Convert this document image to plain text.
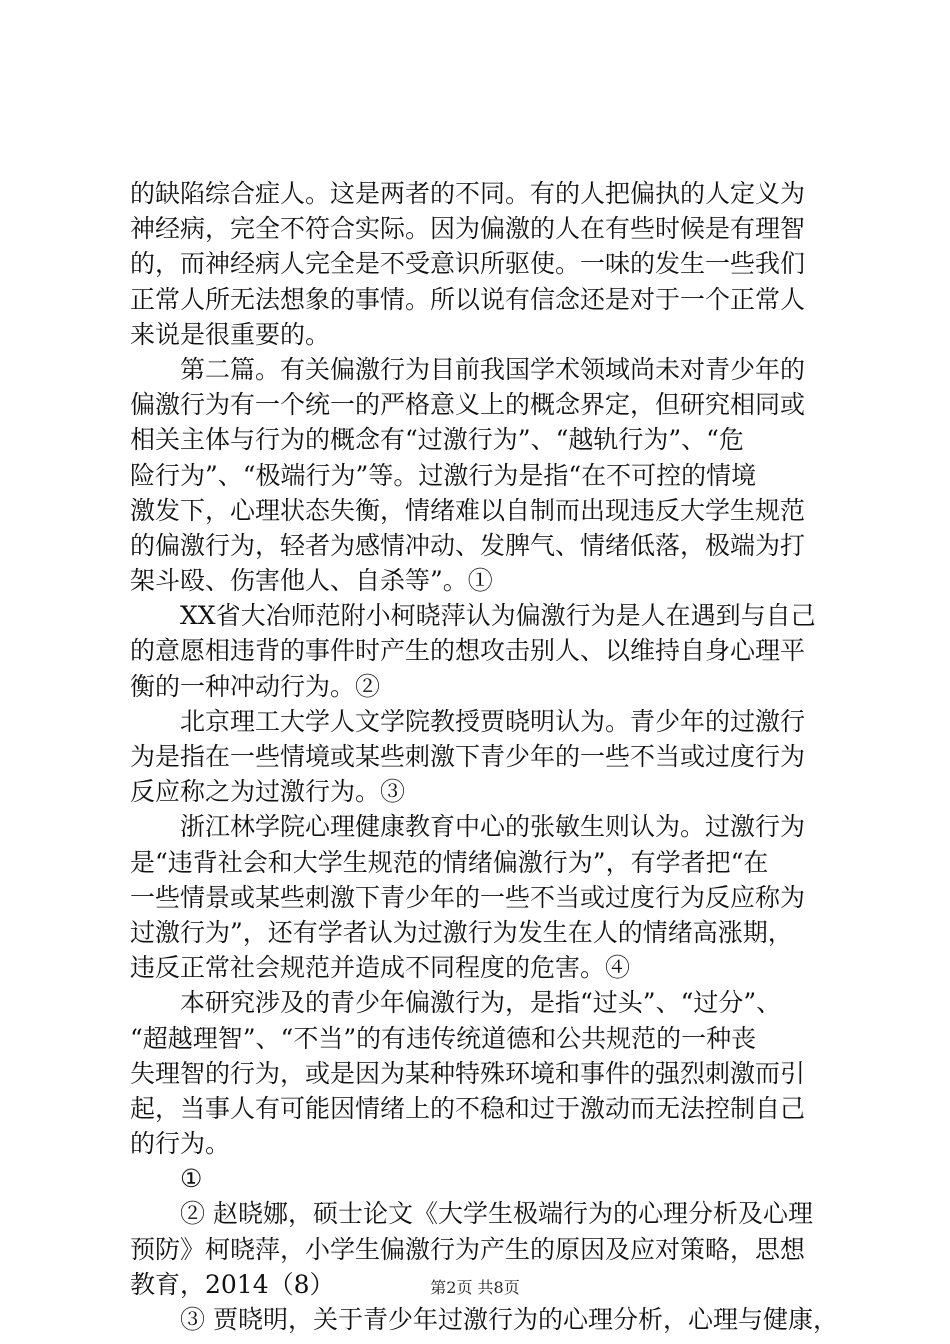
的缺陷综合症人。这是两者的不同。有的人把偏执的人定义为
神经病，完全不符合实际。因为偏激的人在有些时候是有理智
的，而神经病人完全是不受意识所驱使。一味的发生一些我们
正常人所无法想象的事情。所以说有信念还是对于一个正常人
来说是很重要的。
第二篇。有关偏激行为目前我国学术领域尚未对青少年的
偏激行为有一个统一的严格意义上的概念界定，但研究相同或
相关主体与行为的概念有“过激行为”、“越轨行为”、“危
险行为”、“极端行为”等。过激行为是指“在不可控的情境
激发下，心理状态失衡，情绪难以自制而出现违反大学生规范
的偏激行为，轻者为感情冲动、发脾气、情绪低落，极端为打
架斗殴、伤害他人、自杀等”。①
XX省大冶师范附小柯晓萍认为偏激行为是人在遇到与自己
的意愿相违背的事件时产生的想攻击别人、以维持自身心理平
衡的一种冲动行为。②
北京理工大学人文学院教授贾晓明认为。青少年的过激行
为是指在一些情境或某些刺激下青少年的一些不当或过度行为
反应称之为过激行为。③
浙江林学院心理健康教育中心的张敏生则认为。过激行为
是“违背社会和大学生规范的情绪偏激行为”，有学者把“在
一些情景或某些刺激下青少年的一些不当或过度行为反应称为
过激行为”，还有学者认为过激行为发生在人的情绪高涨期，
违反正常社会规范并造成不同程度的危害。④
本研究涉及的青少年偏激行为，是指“过头”、“过分”、
“超越理智”、“不当”的有违传统道德和公共规范的一种丧
失理智的行为，或是因为某种特殊环境和事件的强烈刺激而引
起，当事人有可能因情绪上的不稳和过于激动而无法控制自己
的行为。
①
② 赵晓娜，硕士论文《大学生极端行为的心理分析及心理
预防》柯晓萍，小学生偏激行为产生的原因及应对策略，思想
教育，2014（8）
③ 贾晓明，关于青少年过激行为的心理分析，心理与健康，
第2页 共8页
